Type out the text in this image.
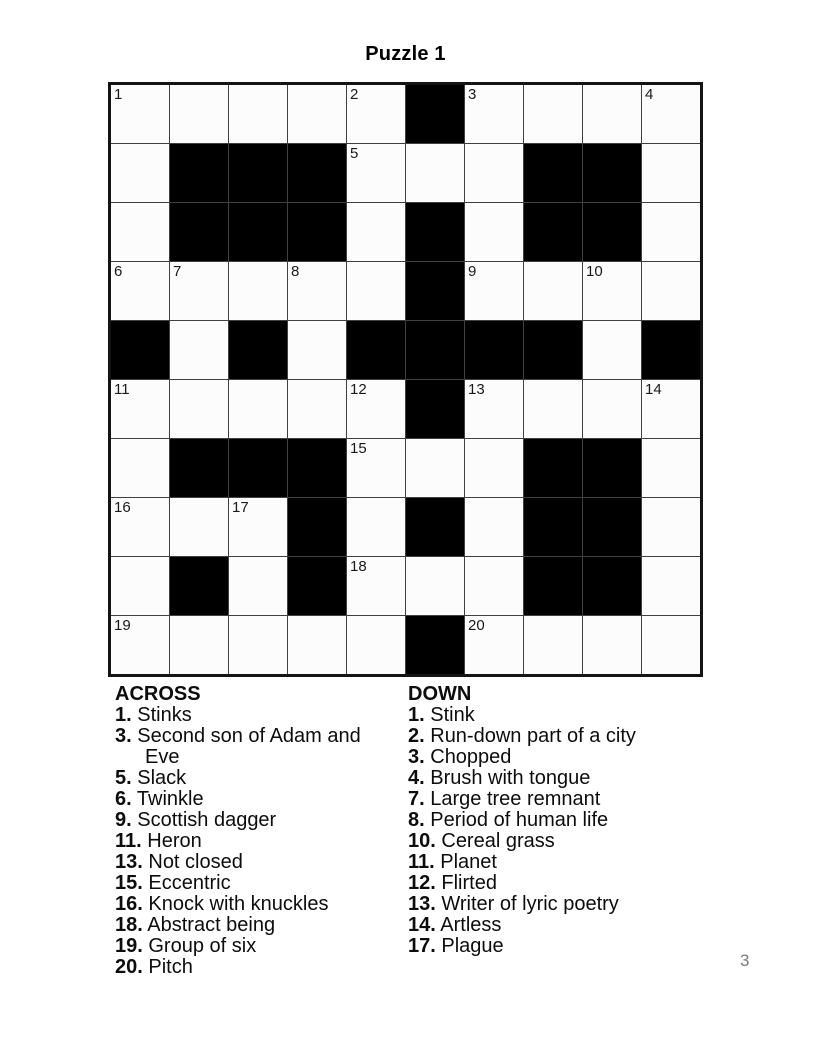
Puzzle 1
1	2	3	4
5
6	7	8	9	10
11	12	13	14
15
16	17
18
19	20
ACROSS
1. Stinks
3. Second son of Adam and Eve
5. Slack
6. Twinkle
9. Scottish dagger
11. Heron
13. Not closed
15. Eccentric
16. Knock with knuckles
18. Abstract being
19. Group of six
20. Pitch
DOWN
1. Stink
2. Run-down part of a city
3. Chopped
4. Brush with tongue
7. Large tree remnant
8. Period of human life
10. Cereal grass
11. Planet
12. Flirted
13. Writer of lyric poetry
14. Artless
17. Plague
3
